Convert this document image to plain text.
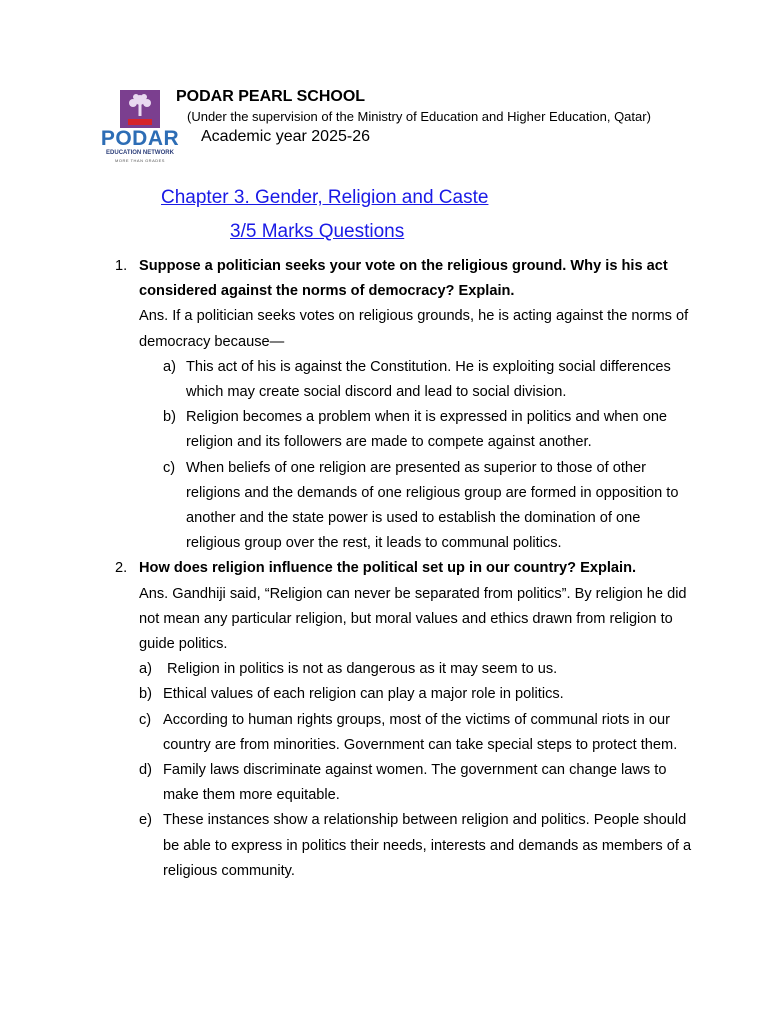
PODAR
EDUCATION NETWORK
MORE THAN GRADES
PODAR PEARL SCHOOL
(Under the supervision of the Ministry of Education and Higher Education, Qatar)
Academic year 2025-26
Chapter 3. Gender, Religion and Caste
3/5 Marks Questions
1. Suppose a politician seeks your vote on the religious ground. Why is his act considered against the norms of democracy? Explain.
Ans. If a politician seeks votes on religious grounds, he is acting against the norms of democracy because—
a) This act of his is against the Constitution. He is exploiting social differences which may create social discord and lead to social division.
b) Religion becomes a problem when it is expressed in politics and when one religion and its followers are made to compete against another.
c) When beliefs of one religion are presented as superior to those of other religions and the demands of one religious group are formed in opposition to another and the state power is used to establish the domination of one religious group over the rest, it leads to communal politics.
2. How does religion influence the political set up in our country? Explain.
Ans. Gandhiji said, “Religion can never be separated from politics”. By religion he did not mean any particular religion, but moral values and ethics drawn from religion to guide politics.
a) Religion in politics is not as dangerous as it may seem to us.
b) Ethical values of each religion can play a major role in politics.
c) According to human rights groups, most of the victims of communal riots in our country are from minorities. Government can take special steps to protect them.
d) Family laws discriminate against women. The government can change laws to make them more equitable.
e) These instances show a relationship between religion and politics. People should be able to express in politics their needs, interests and demands as members of a religious community.
